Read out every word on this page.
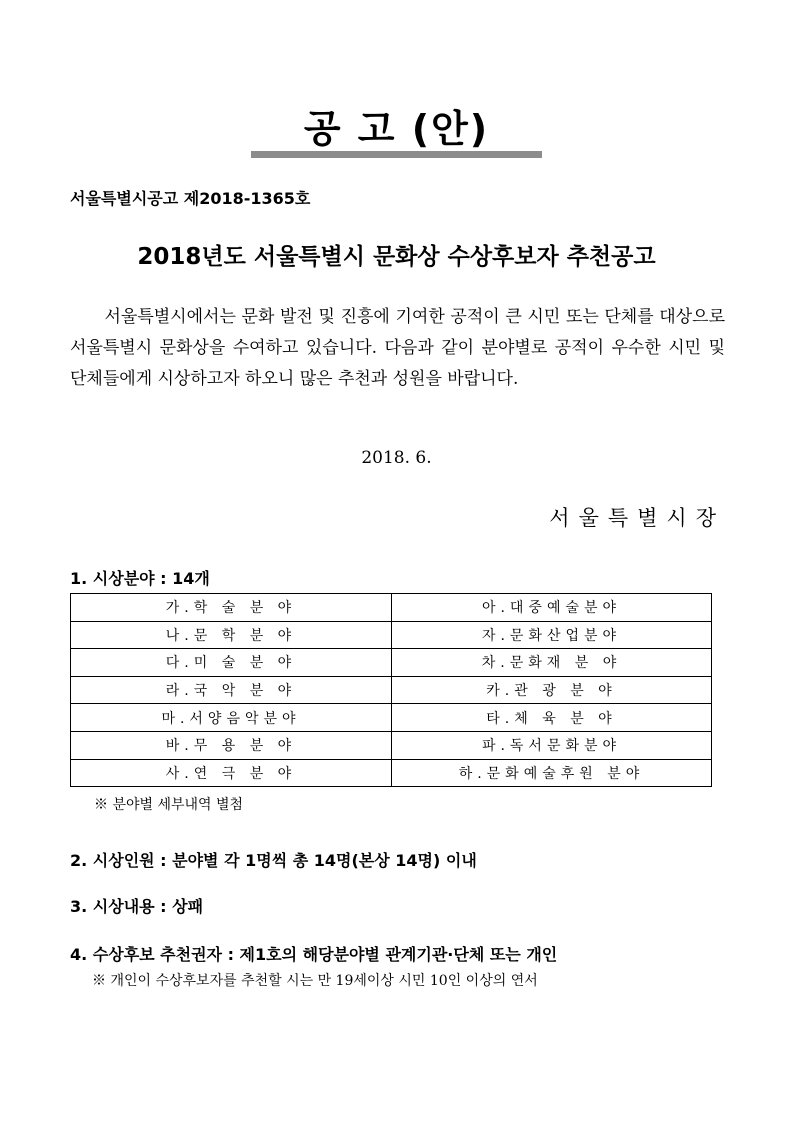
공 고 (안)
서울특별시공고 제2018-1365호
2018년도 서울특별시 문화상 수상후보자 추천공고

　　서울특별시에서는 문화 발전 및 진흥에 기여한 공적이 큰 시민 또는 단체를 대상으로 서울특별시 문화상을 수여하고 있습니다. 다음과 같이 분야별로 공적이 우수한 시민 및 단체들에게 시상하고자 하오니 많은 추천과 성원을 바랍니다.

2018. 6.
서울특별시장
1. 시상분야 : 14개
가.학 술 분 야	아.대중예술분야
나.문 학 분 야	자.문화산업분야
다.미 술 분 야	차.문화재 분 야
라.국 악 분 야	카.관 광 분 야
마.서양음악분야	타.체 육 분 야
바.무 용 분 야	파.독서문화분야
사.연 극 분 야	하.문화예술후원 분야
※ 분야별 세부내역 별첨
2. 시상인원 : 분야별 각 1명씩 총 14명(본상 14명) 이내
3. 시상내용 : 상패
4. 수상후보 추천권자 : 제1호의 해당분야별 관계기관·단체 또는 개인
※ 개인이 수상후보자를 추천할 시는 만 19세이상 시민 10인 이상의 연서
